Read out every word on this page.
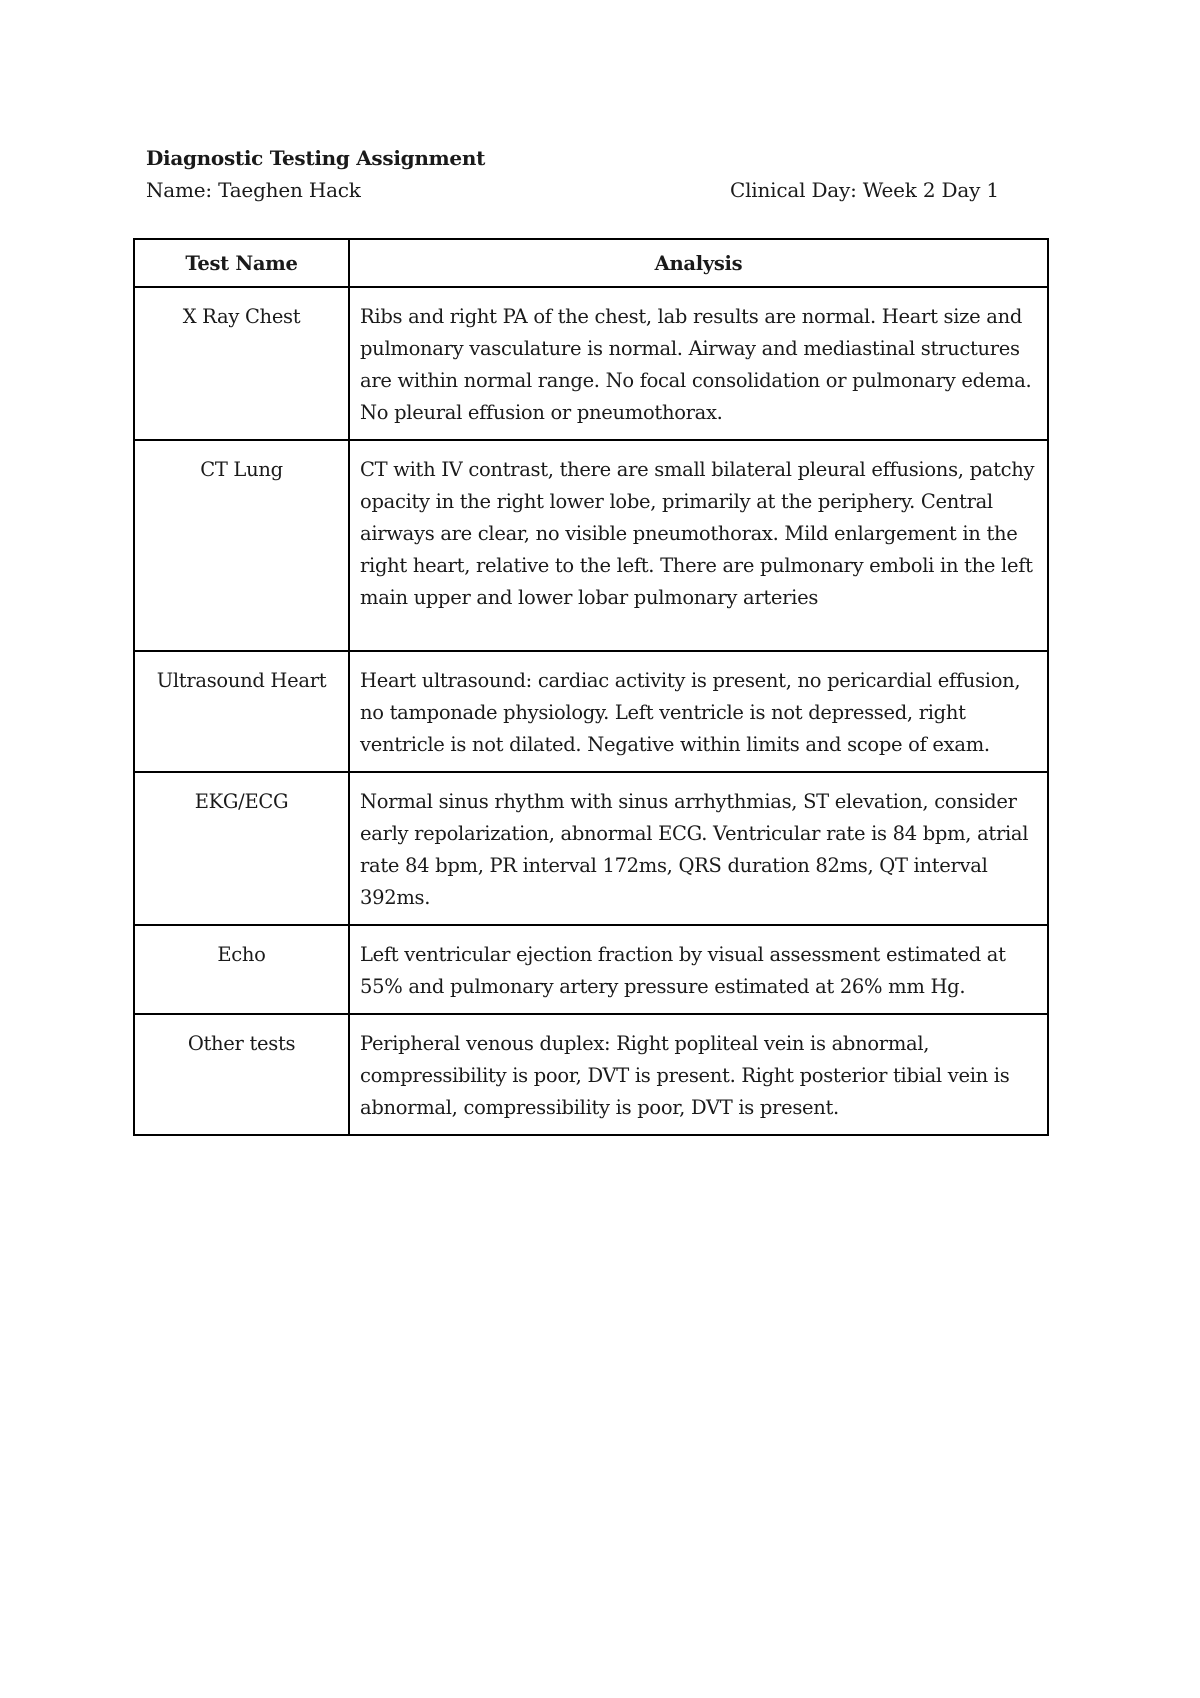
Diagnostic Testing Assignment
Name: Taeghen Hack	Clinical Day: Week 2 Day 1
Test Name	Analysis
X Ray Chest	Ribs and right PA of the chest, lab results are normal. Heart size and pulmonary vasculature is normal. Airway and mediastinal structures are within normal range. No focal consolidation or pulmonary edema. No pleural effusion or pneumothorax.
CT Lung	CT with IV contrast, there are small bilateral pleural effusions, patchy opacity in the right lower lobe, primarily at the periphery. Central airways are clear, no visible pneumothorax. Mild enlargement in the right heart, relative to the left. There are pulmonary emboli in the left main upper and lower lobar pulmonary arteries
Ultrasound Heart	Heart ultrasound: cardiac activity is present, no pericardial effusion, no tamponade physiology. Left ventricle is not depressed, right ventricle is not dilated. Negative within limits and scope of exam.
EKG/ECG	Normal sinus rhythm with sinus arrhythmias, ST elevation, consider early repolarization, abnormal ECG. Ventricular rate is 84 bpm, atrial rate 84 bpm, PR interval 172ms, QRS duration 82ms, QT interval 392ms.
Echo	Left ventricular ejection fraction by visual assessment estimated at 55% and pulmonary artery pressure estimated at 26% mm Hg.
Other tests	Peripheral venous duplex: Right popliteal vein is abnormal, compressibility is poor, DVT is present. Right posterior tibial vein is abnormal, compressibility is poor, DVT is present.
